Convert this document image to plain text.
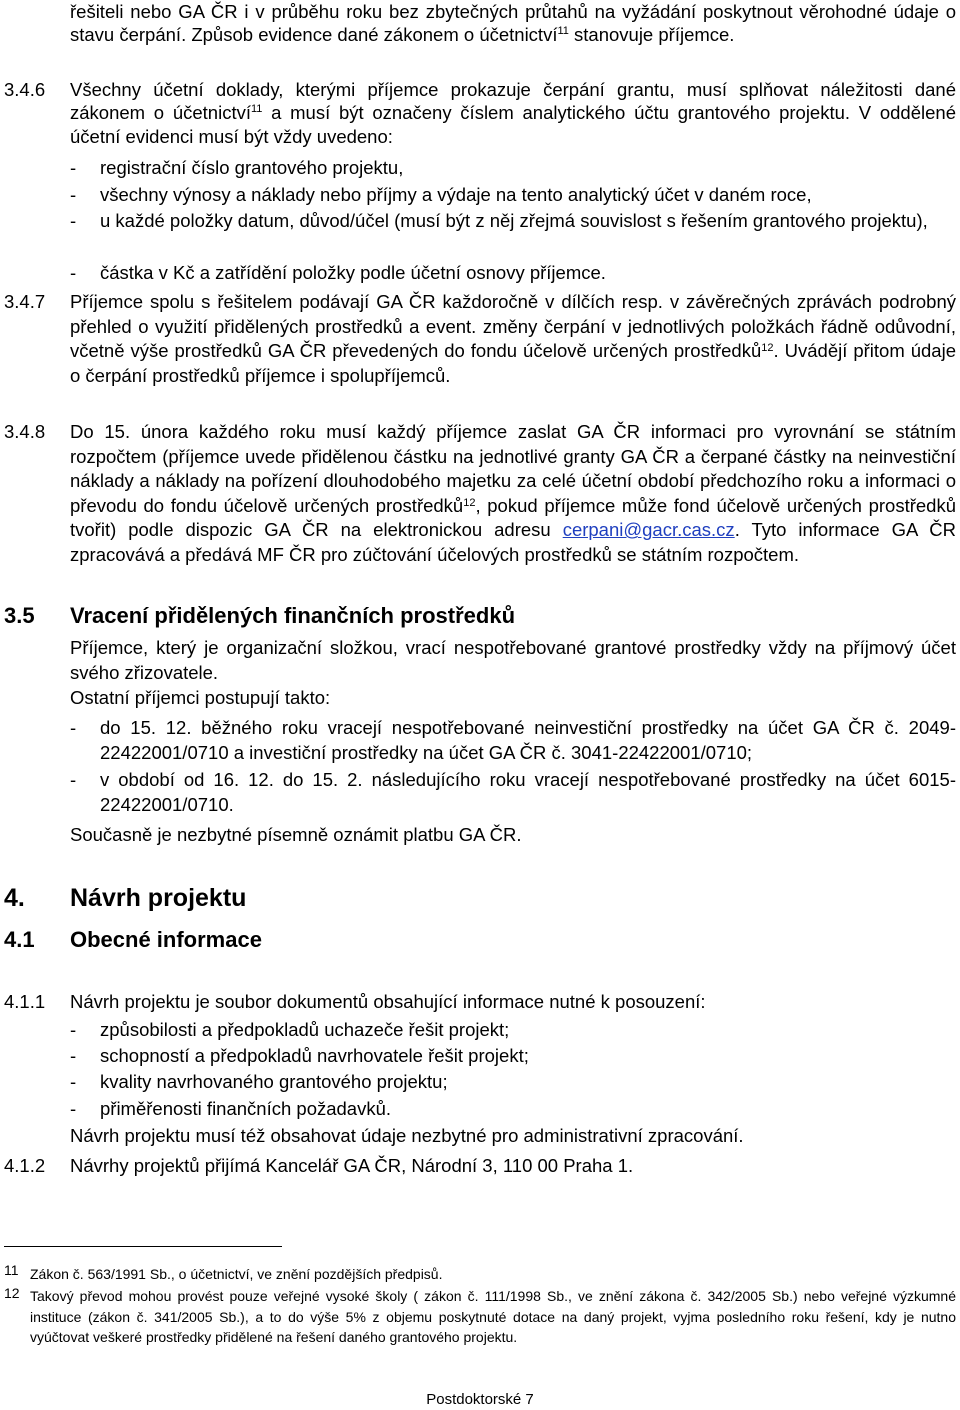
řešiteli nebo GA ČR i v průběhu roku bez zbytečných průtahů na vyžádání poskytnout věrohodné údaje o stavu čerpání. Způsob evidence dané zákonem o účetnictví$^{11}$ stanovuje příjemce.
3.4.6 Všechny účetní doklady, kterými příjemce prokazuje čerpání grantu, musí splňovat náležitosti dané zákonem o účetnictví$^{11}$ a musí být označeny číslem analytického účtu grantového projektu. V oddělené účetní evidenci musí být vždy uvedeno:
- registrační číslo grantového projektu,
- všechny výnosy a náklady nebo příjmy a výdaje na tento analytický účet v daném roce,
- u každé položky datum, důvod/účel (musí být z něj zřejmá souvislost s řešením grantového projektu),
- částka v Kč a zatřídění položky podle účetní osnovy příjemce.
3.4.7 Příjemce spolu s řešitelem podávají GA ČR každoročně v dílčích resp. v závěrečných zprávách podrobný přehled o využití přidělených prostředků a event. změny čerpání v jednotlivých položkách řádně odůvodní, včetně výše prostředků GA ČR převedených do fondu účelově určených prostředků$^{12}$. Uvádějí přitom údaje o čerpání prostředků příjemce i spolupříjemců.
3.4.8 Do 15. února každého roku musí každý příjemce zaslat GA ČR informaci pro vyrovnání se státním rozpočtem (příjemce uvede přidělenou částku na jednotlivé granty GA ČR a čerpané částky na neinvestiční náklady a náklady na pořízení dlouhodobého majetku za celé účetní období předchozího roku a informaci o převodu do fondu účelově určených prostředků$^{12}$, pokud příjemce může fond účelově určených prostředků tvořit) podle dispozic GA ČR na elektronickou adresu cerpani@gacr.cas.cz. Tyto informace GA ČR zpracovává a předává MF ČR pro zúčtování účelových prostředků se státním rozpočtem.
3.5 Vracení přidělených finančních prostředků
Příjemce, který je organizační složkou, vrací nespotřebované grantové prostředky vždy na příjmový účet svého zřizovatele.
Ostatní příjemci postupují takto:
- do 15. 12. běžného roku vracejí nespotřebované neinvestiční prostředky na účet GA ČR č. 2049-22422001/0710 a investiční prostředky na účet GA ČR č. 3041-22422001/0710;
- v období od 16. 12. do 15. 2. následujícího roku vracejí nespotřebované prostředky na účet 6015-22422001/0710.
Současně je nezbytné písemně oznámit platbu GA ČR.
4. Návrh projektu
4.1 Obecné informace
4.1.1 Návrh projektu je soubor dokumentů obsahující informace nutné k posouzení:
- způsobilosti a předpokladů uchazeče řešit projekt;
- schopností a předpokladů navrhovatele řešit projekt;
- kvality navrhovaného grantového projektu;
- přiměřenosti finančních požadavků.
Návrh projektu musí též obsahovat údaje nezbytné pro administrativní zpracování.
4.1.2 Návrhy projektů přijímá Kancelář GA ČR, Národní 3, 110 00 Praha 1.
11 Zákon č. 563/1991 Sb., o účetnictví, ve znění pozdějších předpisů.
12 Takový převod mohou provést pouze veřejné vysoké školy ( zákon č. 111/1998 Sb., ve znění zákona č. 342/2005 Sb.) nebo veřejné výzkumné instituce (zákon č. 341/2005 Sb.), a to do výše 5% z objemu poskytnuté dotace na daný projekt, vyjma posledního roku řešení, kdy je nutno vyúčtovat veškeré prostředky přidělené na řešení daného grantového projektu.
Postdoktorské 7
